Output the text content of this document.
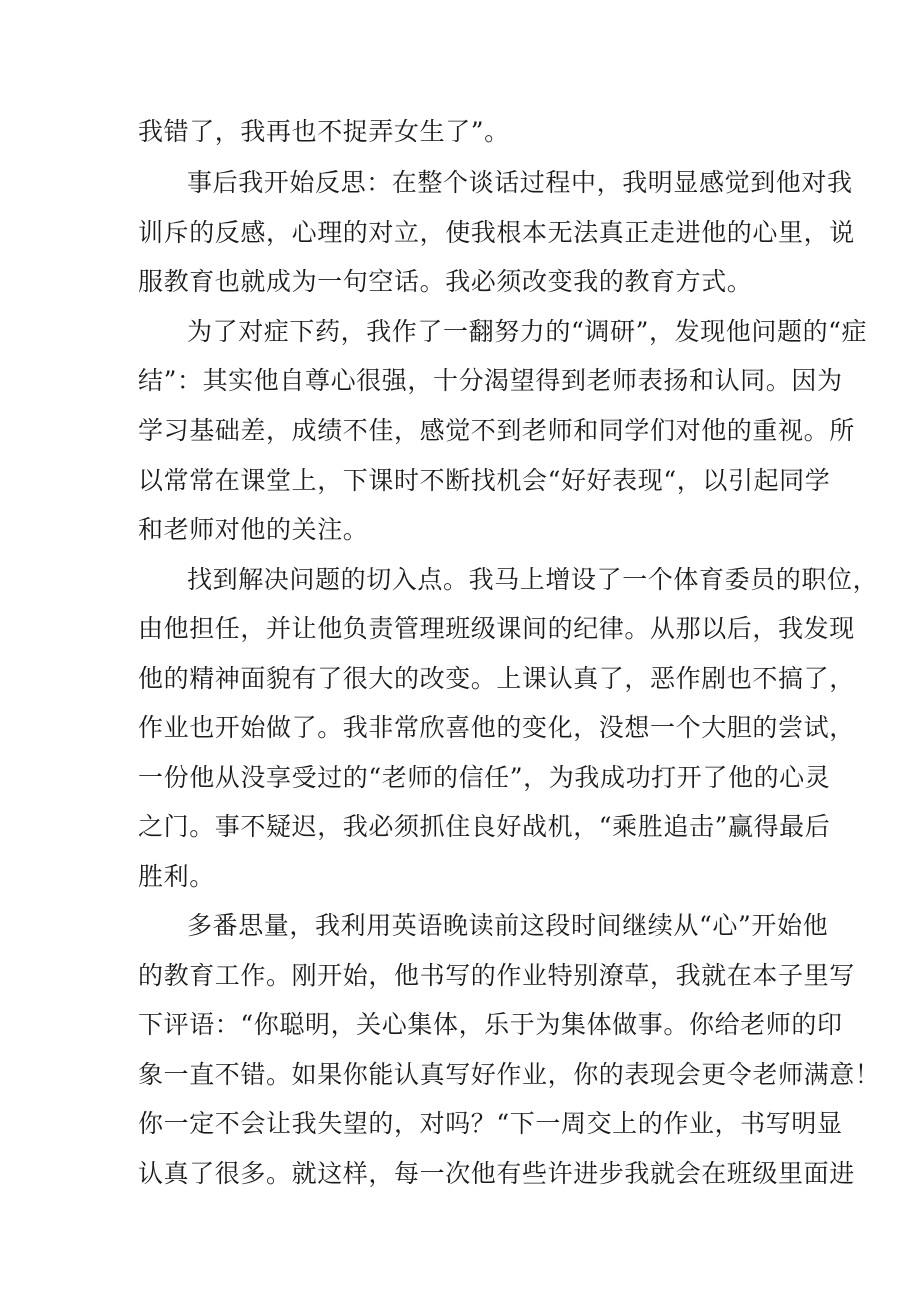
我错了，我再也不捉弄女生了”。
事后我开始反思：在整个谈话过程中，我明显感觉到他对我
训斥的反感，心理的对立，使我根本无法真正走进他的心里，说
服教育也就成为一句空话。我必须改变我的教育方式。
为了对症下药，我作了一翻努力的“调研”，发现他问题的“症
结”：其实他自尊心很强，十分渴望得到老师表扬和认同。因为
学习基础差，成绩不佳，感觉不到老师和同学们对他的重视。所
以常常在课堂上，下课时不断找机会“好好表现“，以引起同学
和老师对他的关注。
找到解决问题的切入点。我马上增设了一个体育委员的职位，
由他担任，并让他负责管理班级课间的纪律。从那以后，我发现
他的精神面貌有了很大的改变。上课认真了，恶作剧也不搞了，
作业也开始做了。我非常欣喜他的变化，没想一个大胆的尝试，
一份他从没享受过的“老师的信任”，为我成功打开了他的心灵
之门。事不疑迟，我必须抓住良好战机，“乘胜追击”赢得最后
胜利。
多番思量，我利用英语晚读前这段时间继续从“心”开始他
的教育工作。刚开始，他书写的作业特别潦草，我就在本子里写
下评语：“你聪明，关心集体，乐于为集体做事。你给老师的印
象一直不错。如果你能认真写好作业，你的表现会更令老师满意！
你一定不会让我失望的，对吗？“下一周交上的作业，书写明显
认真了很多。就这样，每一次他有些许进步我就会在班级里面进
